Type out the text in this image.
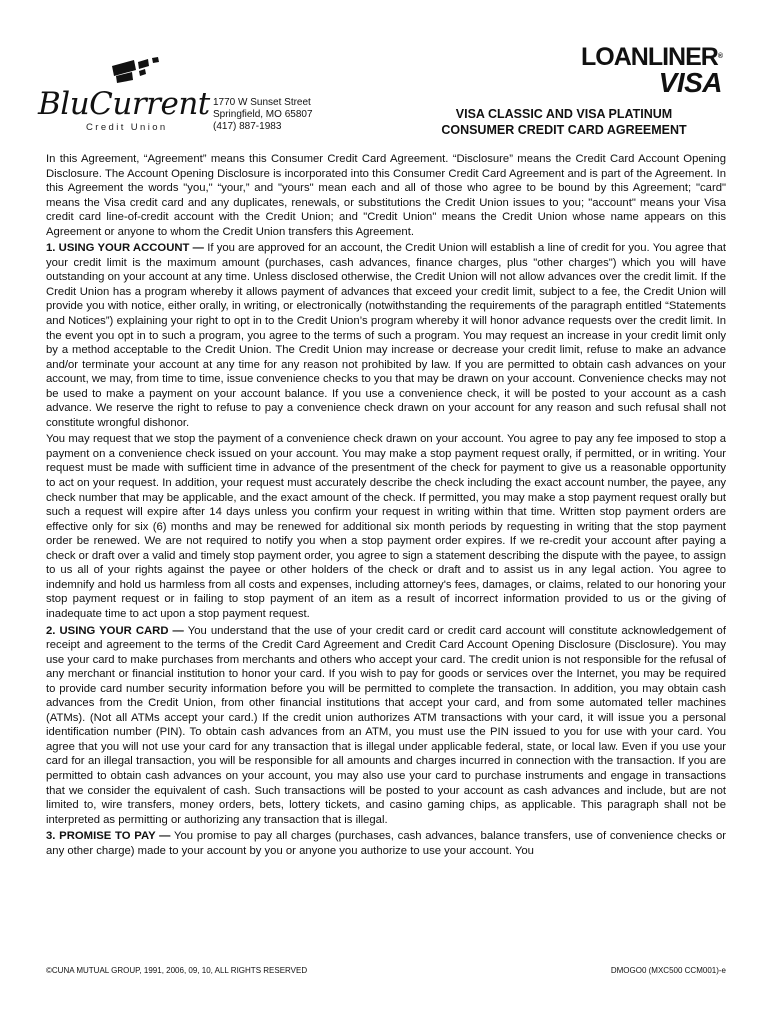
BluCurrent
Credit Union
1770 W Sunset Street
Springfield, MO 65807
(417) 887-1983
LOANLINER®
VISA
VISA CLASSIC AND VISA PLATINUM
CONSUMER CREDIT CARD AGREEMENT

In this Agreement, “Agreement” means this Consumer Credit Card Agreement. “Disclosure” means the Credit Card Account Opening Disclosure. The Account Opening Disclosure is incorporated into this Consumer Credit Card Agreement and is part of the Agreement. In this Agreement the words "you," “your,” and "yours" mean each and all of those who agree to be bound by this Agreement; "card" means the Visa credit card and any duplicates, renewals, or substitutions the Credit Union issues to you; "account" means your Visa credit card line-of-credit account with the Credit Union; and "Credit Union" means the Credit Union whose name appears on this Agreement or anyone to whom the Credit Union transfers this Agreement.

1. USING YOUR ACCOUNT — If you are approved for an account, the Credit Union will establish a line of credit for you. You agree that your credit limit is the maximum amount (purchases, cash advances, finance charges, plus "other charges") which you will have outstanding on your account at any time. Unless disclosed otherwise, the Credit Union will not allow advances over the credit limit. If the Credit Union has a program whereby it allows payment of advances that exceed your credit limit, subject to a fee, the Credit Union will provide you with notice, either orally, in writing, or electronically (notwithstanding the requirements of the paragraph entitled “Statements and Notices”) explaining your right to opt in to the Credit Union’s program whereby it will honor advance requests over the credit limit. In the event you opt in to such a program, you agree to the terms of such a program. You may request an increase in your credit limit only by a method acceptable to the Credit Union. The Credit Union may increase or decrease your credit limit, refuse to make an advance and/or terminate your account at any time for any reason not prohibited by law. If you are permitted to obtain cash advances on your account, we may, from time to time, issue convenience checks to you that may be drawn on your account. Convenience checks may not be used to make a payment on your account balance. If you use a convenience check, it will be posted to your account as a cash advance. We reserve the right to refuse to pay a convenience check drawn on your account for any reason and such refusal shall not constitute wrongful dishonor.

You may request that we stop the payment of a convenience check drawn on your account. You agree to pay any fee imposed to stop a payment on a convenience check issued on your account. You may make a stop payment request orally, if permitted, or in writing. Your request must be made with sufficient time in advance of the presentment of the check for payment to give us a reasonable opportunity to act on your request. In addition, your request must accurately describe the check including the exact account number, the payee, any check number that may be applicable, and the exact amount of the check. If permitted, you may make a stop payment request orally but such a request will expire after 14 days unless you confirm your request in writing within that time. Written stop payment orders are effective only for six (6) months and may be renewed for additional six month periods by requesting in writing that the stop payment order be renewed. We are not required to notify you when a stop payment order expires. If we re-credit your account after paying a check or draft over a valid and timely stop payment order, you agree to sign a statement describing the dispute with the payee, to assign to us all of your rights against the payee or other holders of the check or draft and to assist us in any legal action. You agree to indemnify and hold us harmless from all costs and expenses, including attorney's fees, damages, or claims, related to our honoring your stop payment request or in failing to stop payment of an item as a result of incorrect information provided to us or the giving of inadequate time to act upon a stop payment request.

2. USING YOUR CARD — You understand that the use of your credit card or credit card account will constitute acknowledgement of receipt and agreement to the terms of the Credit Card Agreement and Credit Card Account Opening Disclosure (Disclosure). You may use your card to make purchases from merchants and others who accept your card. The credit union is not responsible for the refusal of any merchant or financial institution to honor your card. If you wish to pay for goods or services over the Internet, you may be required to provide card number security information before you will be permitted to complete the transaction. In addition, you may obtain cash advances from the Credit Union, from other financial institutions that accept your card, and from some automated teller machines (ATMs). (Not all ATMs accept your card.) If the credit union authorizes ATM transactions with your card, it will issue you a personal identification number (PIN). To obtain cash advances from an ATM, you must use the PIN issued to you for use with your card. You agree that you will not use your card for any transaction that is illegal under applicable federal, state, or local law. Even if you use your card for an illegal transaction, you will be responsible for all amounts and charges incurred in connection with the transaction. If you are permitted to obtain cash advances on your account, you may also use your card to purchase instruments and engage in transactions that we consider the equivalent of cash. Such transactions will be posted to your account as cash advances and include, but are not limited to, wire transfers, money orders, bets, lottery tickets, and casino gaming chips, as applicable. This paragraph shall not be interpreted as permitting or authorizing any transaction that is illegal.

3. PROMISE TO PAY — You promise to pay all charges (purchases, cash advances, balance transfers, use of convenience checks or any other charge) made to your account by you or anyone you authorize to use your account. You

©CUNA MUTUAL GROUP, 1991, 2006, 09, 10, ALL RIGHTS RESERVED	DMOGO0 (MXC500 CCM001)-e
